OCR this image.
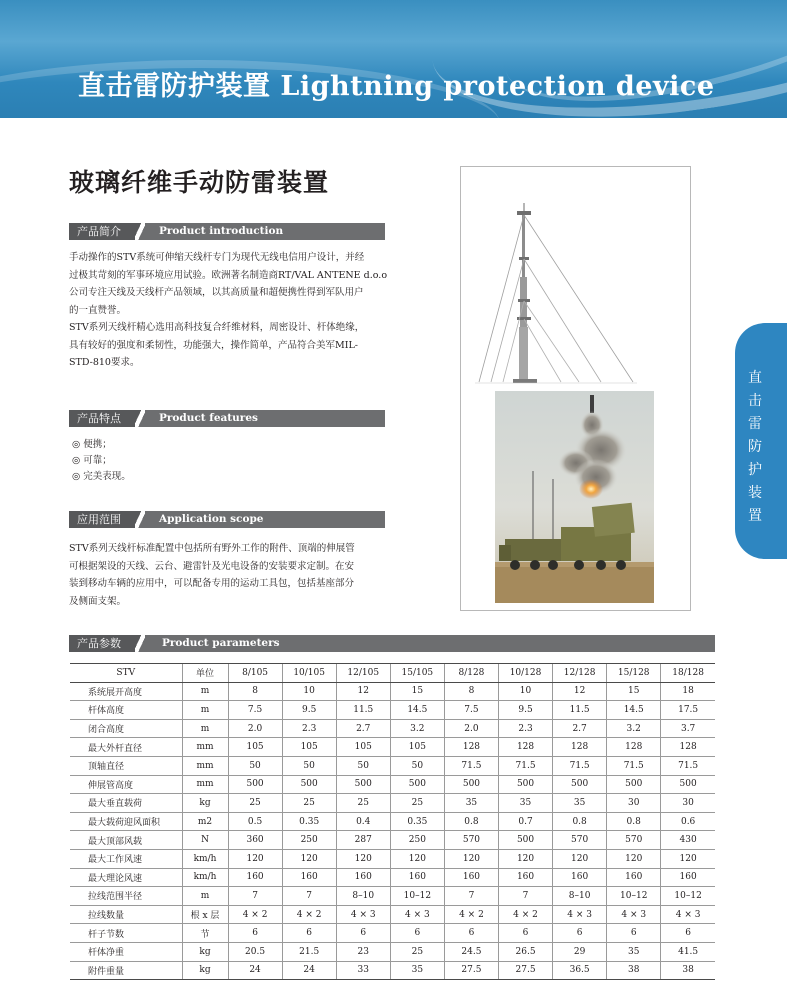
直击雷防护装置 Lightning protection device
玻璃纤维手动防雷装置
产品简介	Product introduction
手动操作的STV系统可伸缩天线杆专门为现代无线电信用户设计，并经
过极其苛刻的军事环境应用试验。欧洲著名制造商RT/VAL ANTENE d.o.o
公司专注天线及天线杆产品领域，以其高质量和超便携性得到军队用户
的一直赞誉。
STV系列天线杆精心选用高科技复合纤维材料，周密设计、杆体绝缘，
具有较好的强度和柔韧性，功能强大，操作简单，产品符合美军MIL-
STD-810要求。
产品特点	Product features
◎ 便携；
◎ 可靠；
◎ 完美表现。
应用范围	Application scope
STV系列天线杆标准配置中包括所有野外工作的附件、顶端的伸展管
可根据架设的天线、云台、避雷针及光电设备的安装要求定制。在安
装到移动车辆的应用中，可以配备专用的运动工具包，包括基座部分
及侧面支架。
直
击
雷
防
护
装
置
产品参数	Product parameters
STV	单位	8/105	10/105	12/105	15/105	8/128	10/128	12/128	15/128	18/128
系统展开高度	m	8	10	12	15	8	10	12	15	18
杆体高度	m	7.5	9.5	11.5	14.5	7.5	9.5	11.5	14.5	17.5
闭合高度	m	2.0	2.3	2.7	3.2	2.0	2.3	2.7	3.2	3.7
最大外杆直径	mm	105	105	105	105	128	128	128	128	128
顶轴直径	mm	50	50	50	50	71.5	71.5	71.5	71.5	71.5
伸展管高度	mm	500	500	500	500	500	500	500	500	500
最大垂直载荷	kg	25	25	25	25	35	35	35	30	30
最大载荷迎风面积	m2	0.5	0.35	0.4	0.35	0.8	0.7	0.8	0.8	0.6
最大顶部风载	N	360	250	287	250	570	500	570	570	430
最大工作风速	km/h	120	120	120	120	120	120	120	120	120
最大理论风速	km/h	160	160	160	160	160	160	160	160	160
拉线范围半径	m	7	7	8–10	10–12	7	7	8–10	10–12	10–12
拉线数量	根 x 层	4 × 2	4 × 2	4 × 3	4 × 3	4 × 2	4 × 2	4 × 3	4 × 3	4 × 3
杆子节数	节	6	6	6	6	6	6	6	6	6
杆体净重	kg	20.5	21.5	23	25	24.5	26.5	29	35	41.5
附件重量	kg	24	24	33	35	27.5	27.5	36.5	38	38
